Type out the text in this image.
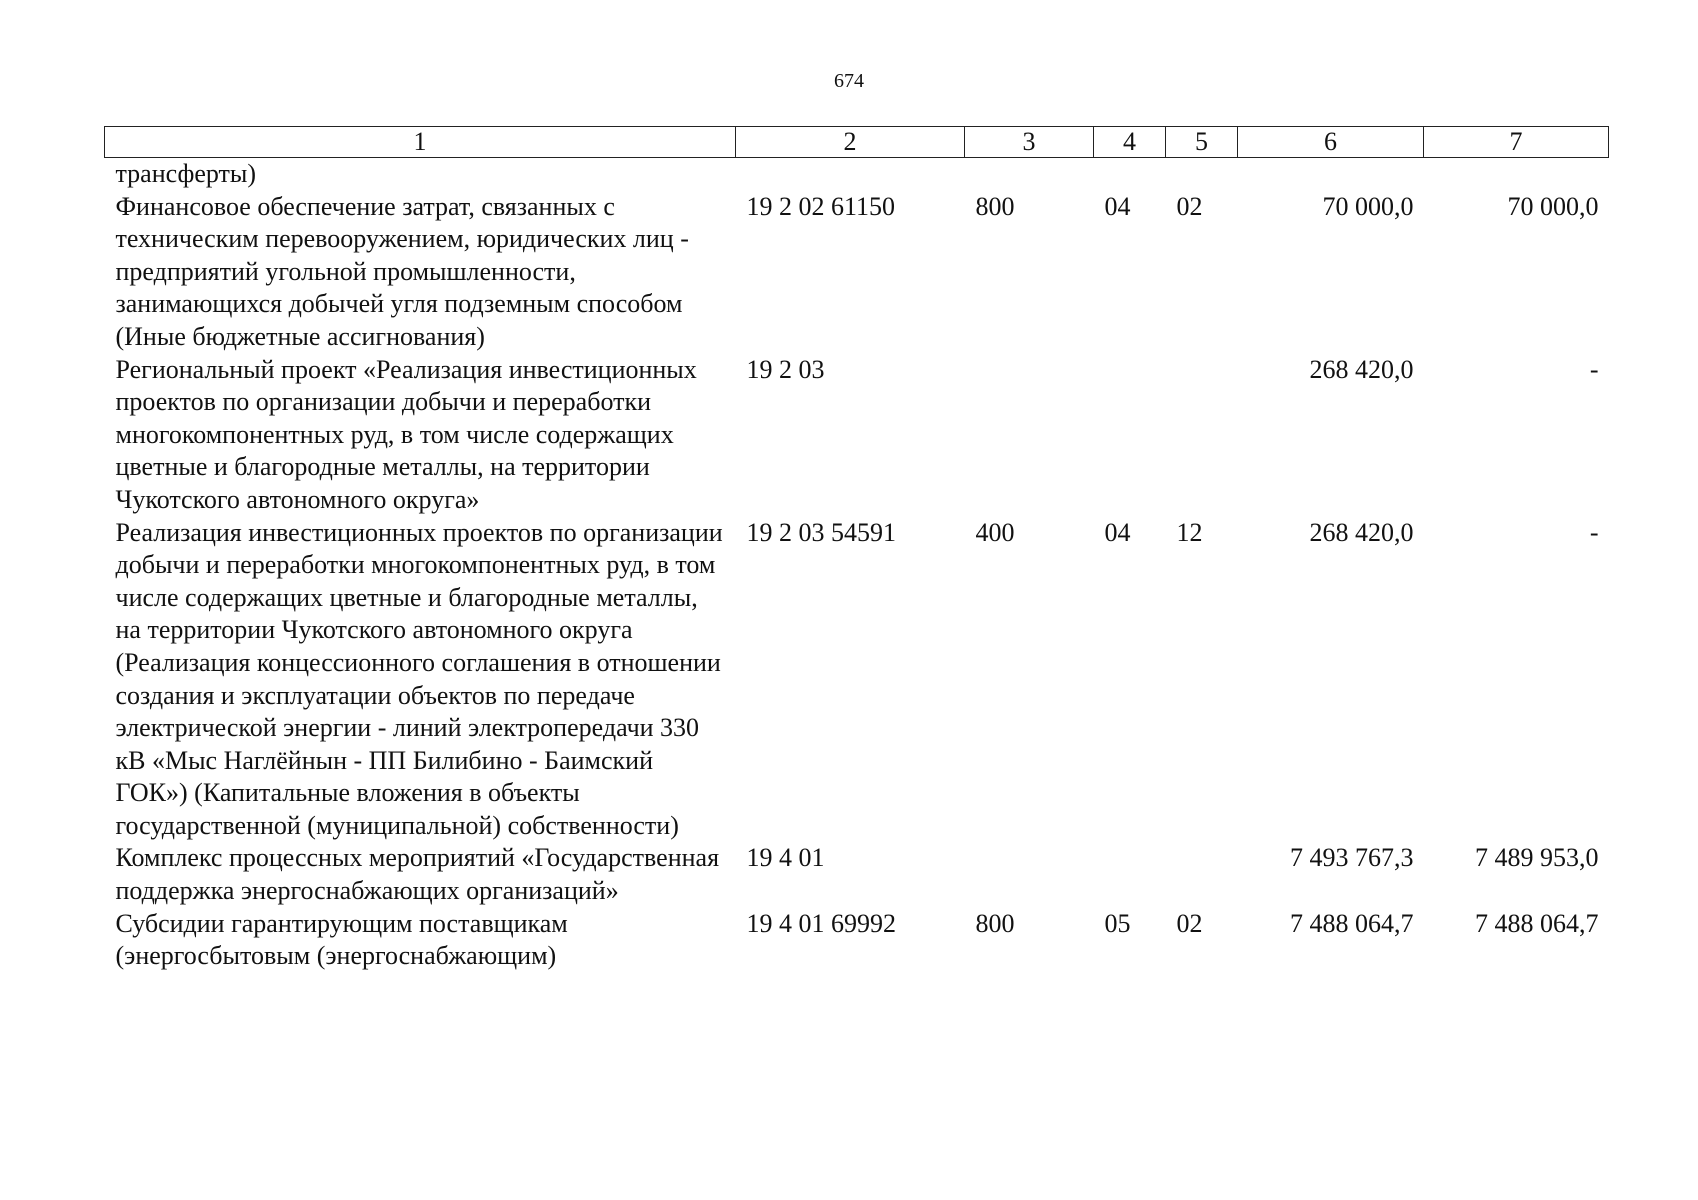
674
1	2	3	4	5	6	7
трансферты)						
Финансовое обеспечение затрат, связанных с техническим перевооружением, юридических лиц - предприятий угольной промышленности, занимающихся добычей угля подземным способом (Иные бюджетные ассигнования)	19 2 02 61150	800	04	02	70 000,0	70 000,0
Региональный проект «Реализация инвестиционных проектов по организации добычи и переработки многокомпонентных руд, в том числе содержащих цветные и благородные металлы, на территории Чукотского автономного округа»	19 2 03				268 420,0	-
Реализация инвестиционных проектов по организации добычи и переработки многокомпонентных руд, в том числе содержащих цветные и благородные металлы, на территории Чукотского автономного округа (Реализация концессионного соглашения в отношении создания и эксплуатации объектов по передаче электрической энергии - линий электропередачи 330 кВ «Мыс Наглёйнын - ПП Билибино - Баимский ГОК») (Капитальные вложения в объекты государственной (муниципальной) собственности)	19 2 03 54591	400	04	12	268 420,0	-
Комплекс процессных мероприятий «Государственная поддержка энергоснабжающих организаций»	19 4 01				7 493 767,3	7 489 953,0
Субсидии гарантирующим поставщикам (энергосбытовым (энергоснабжающим)	19 4 01 69992	800	05	02	7 488 064,7	7 488 064,7
